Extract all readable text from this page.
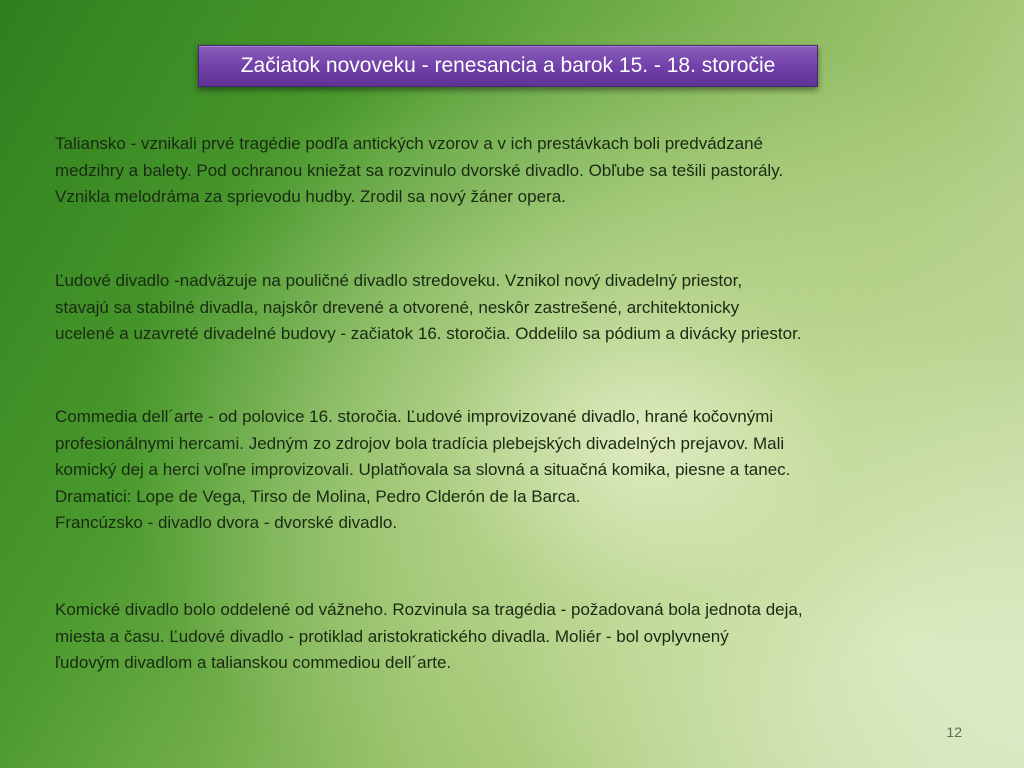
Začiatok novoveku - renesancia a barok 15. - 18. storočie

Taliansko - vznikali prvé tragédie podľa antických vzorov a v ich prestávkach boli predvádzané
medzihry a balety. Pod ochranou kniežat sa rozvinulo dvorské divadlo. Obľube sa tešili pastorály.
Vznikla melodráma za sprievodu hudby. Zrodil sa nový žáner opera.

Ľudové divadlo -nadväzuje na pouličné divadlo stredoveku. Vznikol nový divadelný priestor,
stavajú sa stabilné divadla, najskôr drevené a otvorené, neskôr zastrešené, architektonicky
ucelené a uzavreté divadelné budovy - začiatok 16. storočia. Oddelilo sa pódium a divácky priestor.

Commedia dell´arte - od polovice 16. storočia. Ľudové improvizované divadlo, hrané kočovnými
profesionálnymi hercami. Jedným zo zdrojov bola tradícia plebejských divadelných prejavov. Mali
komický dej a herci voľne improvizovali. Uplatňovala sa slovná a situačná komika, piesne a tanec.
Dramatici: Lope de Vega, Tirso de Molina, Pedro Clderón de la Barca.
Francúzsko - divadlo dvora - dvorské divadlo.

Komické divadlo bolo oddelené od vážneho. Rozvinula sa tragédia - požadovaná bola jednota deja,
miesta a času. Ľudové divadlo - protiklad aristokratického divadla. Moliér - bol ovplyvnený
ľudovým divadlom a talianskou commediou dell´arte.

12
